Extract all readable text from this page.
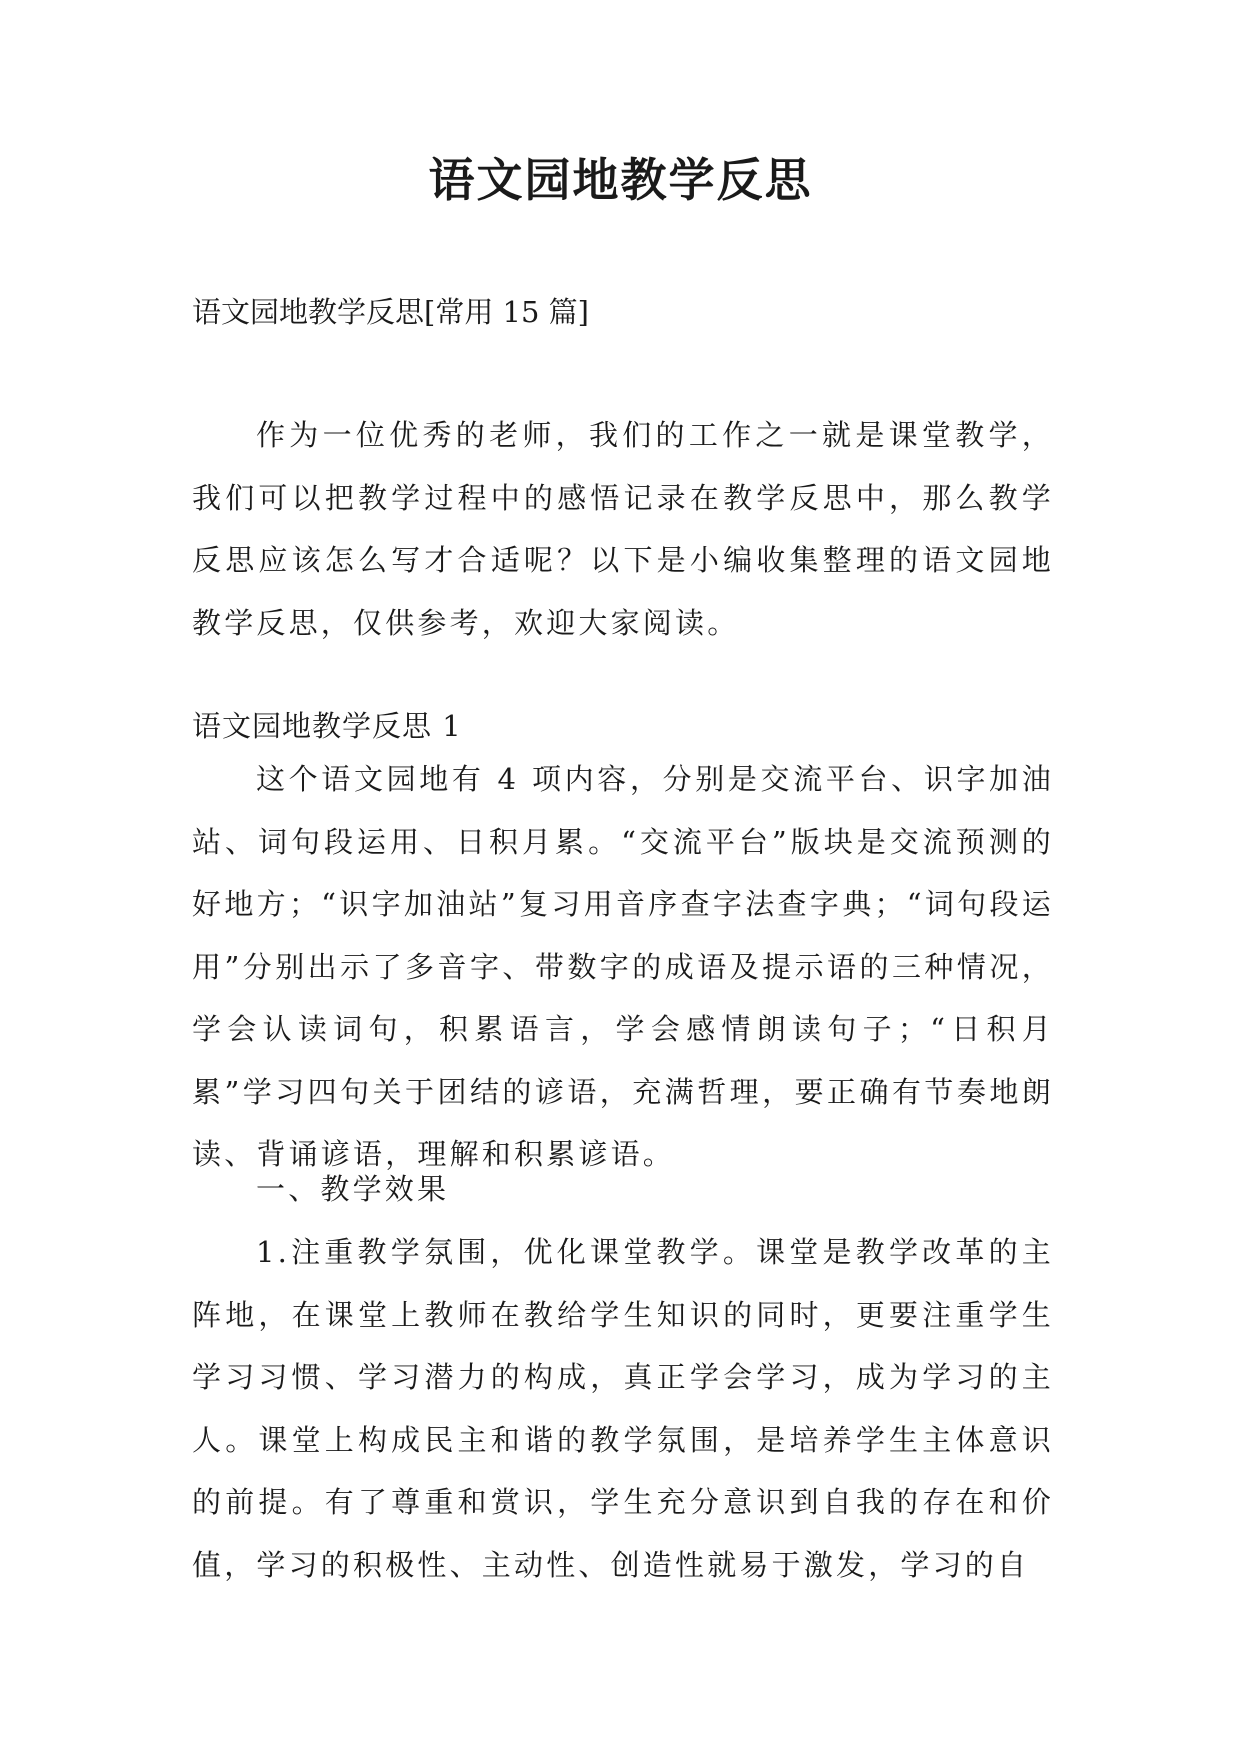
语文园地教学反思

语文园地教学反思[常用 15 篇]

作为一位优秀的老师，我们的工作之一就是课堂教学，我们可以把教学过程中的感悟记录在教学反思中，那么教学反思应该怎么写才合适呢？以下是小编收集整理的语文园地教学反思，仅供参考，欢迎大家阅读。

语文园地教学反思 1

这个语文园地有 4 项内容，分别是交流平台、识字加油站、词句段运用、日积月累。“交流平台”版块是交流预测的好地方；“识字加油站”复习用音序查字法查字典；“词句段运用”分别出示了多音字、带数字的成语及提示语的三种情况，学会认读词句，积累语言，学会感情朗读句子；“日积月累”学习四句关于团结的谚语，充满哲理，要正确有节奏地朗读、背诵谚语，理解和积累谚语。

一、教学效果

1.注重教学氛围，优化课堂教学。课堂是教学改革的主阵地，在课堂上教师在教给学生知识的同时，更要注重学生学习习惯、学习潜力的构成，真正学会学习，成为学习的主人。课堂上构成民主和谐的教学氛围，是培养学生主体意识的前提。有了尊重和赏识，学生充分意识到自我的存在和价值，学习的积极性、主动性、创造性就易于激发，学习的自
